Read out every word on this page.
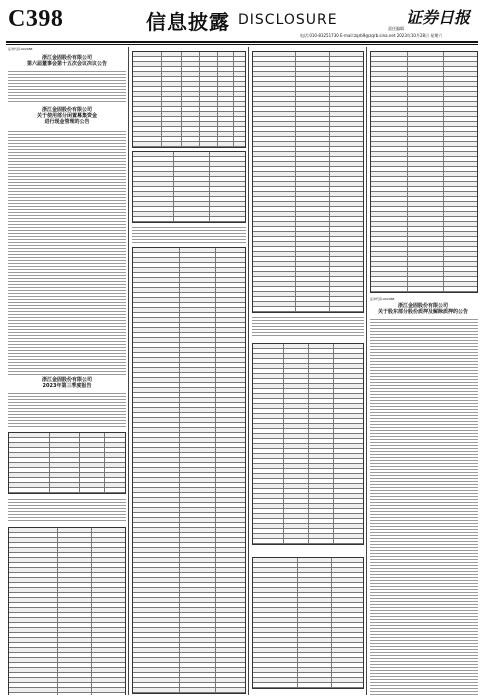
C398	信息披露 DISCLOSURE	证券日报
责任编辑
电话:010-83251730 E-mail:zqrb9@zqrb.sina.net 2023年10月28日 星期六
证券代码:002488
浙江金固股份有限公司
第六届董事会第十五次会议决议公告
浙江金固股份有限公司
关于使用部分闲置募集资金
进行现金管理的公告
浙江金固股份有限公司
2023年第三季度报告
证券代码:002488
浙江金固股份有限公司
关于股东部分股份质押及解除质押的公告
